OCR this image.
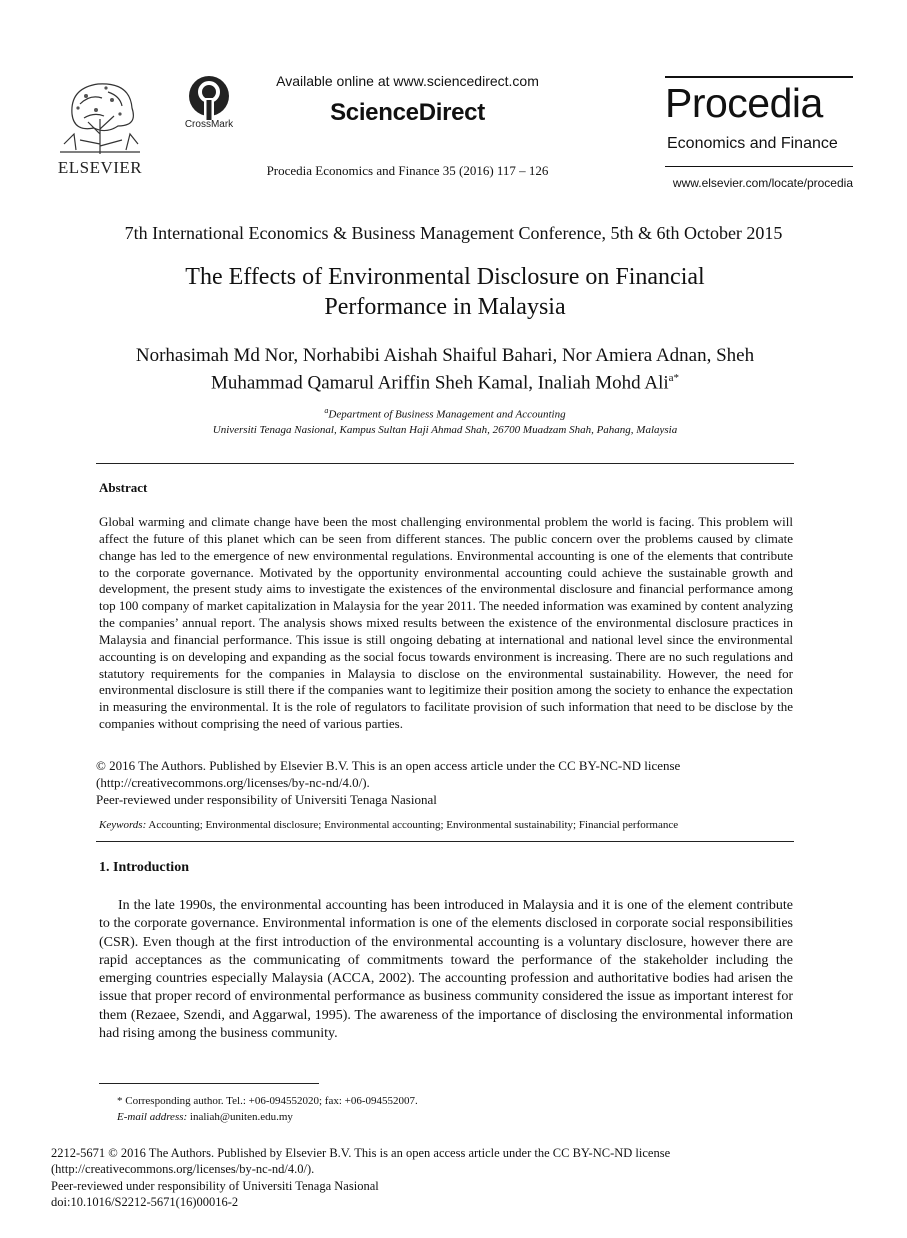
ELSEVIER
CrossMark
Available online at www.sciencedirect.com
ScienceDirect
Procedia Economics and Finance 35 (2016) 117 – 126
Procedia
Economics and Finance
www.elsevier.com/locate/procedia
7th International Economics & Business Management Conference, 5th & 6th October 2015
The Effects of Environmental Disclosure on Financial
Performance in Malaysia
Norhasimah Md Nor, Norhabibi Aishah Shaiful Bahari, Nor Amiera Adnan, Sheh
Muhammad Qamarul Ariffin Sheh Kamal, Inaliah Mohd Ali$^{a*}$
$^a$Department of Business Management and Accounting
Universiti Tenaga Nasional, Kampus Sultan Haji Ahmad Shah, 26700 Muadzam Shah, Pahang, Malaysia
Abstract
Global warming and climate change have been the most challenging environmental problem the world is facing. This problem will affect the future of this planet which can be seen from different stances. The public concern over the problems caused by climate change has led to the emergence of new environmental regulations. Environmental accounting is one of the elements that contribute to the corporate governance. Motivated by the opportunity environmental accounting could achieve the sustainable growth and development, the present study aims to investigate the existences of the environmental disclosure and financial performance among top 100 company of market capitalization in Malaysia for the year 2011. The needed information was examined by content analyzing the companies’ annual report. The analysis shows mixed results between the existence of the environmental disclosure practices in Malaysia and financial performance. This issue is still ongoing debating at international and national level since the environmental accounting is on developing and expanding as the social focus towards environment is increasing. There are no such regulations and statutory requirements for the companies in Malaysia to disclose on the environmental sustainability. However, the need for environmental disclosure is still there if the companies want to legitimize their position among the society to enhance the expectation in measuring the environmental. It is the role of regulators to facilitate provision of such information that need to be disclose by the companies without comprising the need of various parties.
© 2016 The Authors. Published by Elsevier B.V. This is an open access article under the CC BY-NC-ND license
(http://creativecommons.org/licenses/by-nc-nd/4.0/).
Peer-reviewed under responsibility of Universiti Tenaga Nasional
Keywords: Accounting; Environmental disclosure; Environmental accounting; Environmental sustainability; Financial performance
1. Introduction
In the late 1990s, the environmental accounting has been introduced in Malaysia and it is one of the element contribute to the corporate governance. Environmental information is one of the elements disclosed in corporate social responsibilities (CSR). Even though at the first introduction of the environmental accounting is a voluntary disclosure, however there are rapid acceptances as the communicating of commitments toward the performance of the stakeholder including the emerging countries especially Malaysia (ACCA, 2002). The accounting profession and authoritative bodies had arisen the issue that proper record of environmental performance as business community considered the issue as important interest for them (Rezaee, Szendi, and Aggarwal, 1995). The awareness of the importance of disclosing the environmental information had rising among the business community.
* Corresponding author. Tel.: +06-094552020; fax: +06-094552007.
E-mail address: inaliah@uniten.edu.my
2212-5671 © 2016 The Authors. Published by Elsevier B.V. This is an open access article under the CC BY-NC-ND license
(http://creativecommons.org/licenses/by-nc-nd/4.0/).
Peer-reviewed under responsibility of Universiti Tenaga Nasional
doi:10.1016/S2212-5671(16)00016-2
